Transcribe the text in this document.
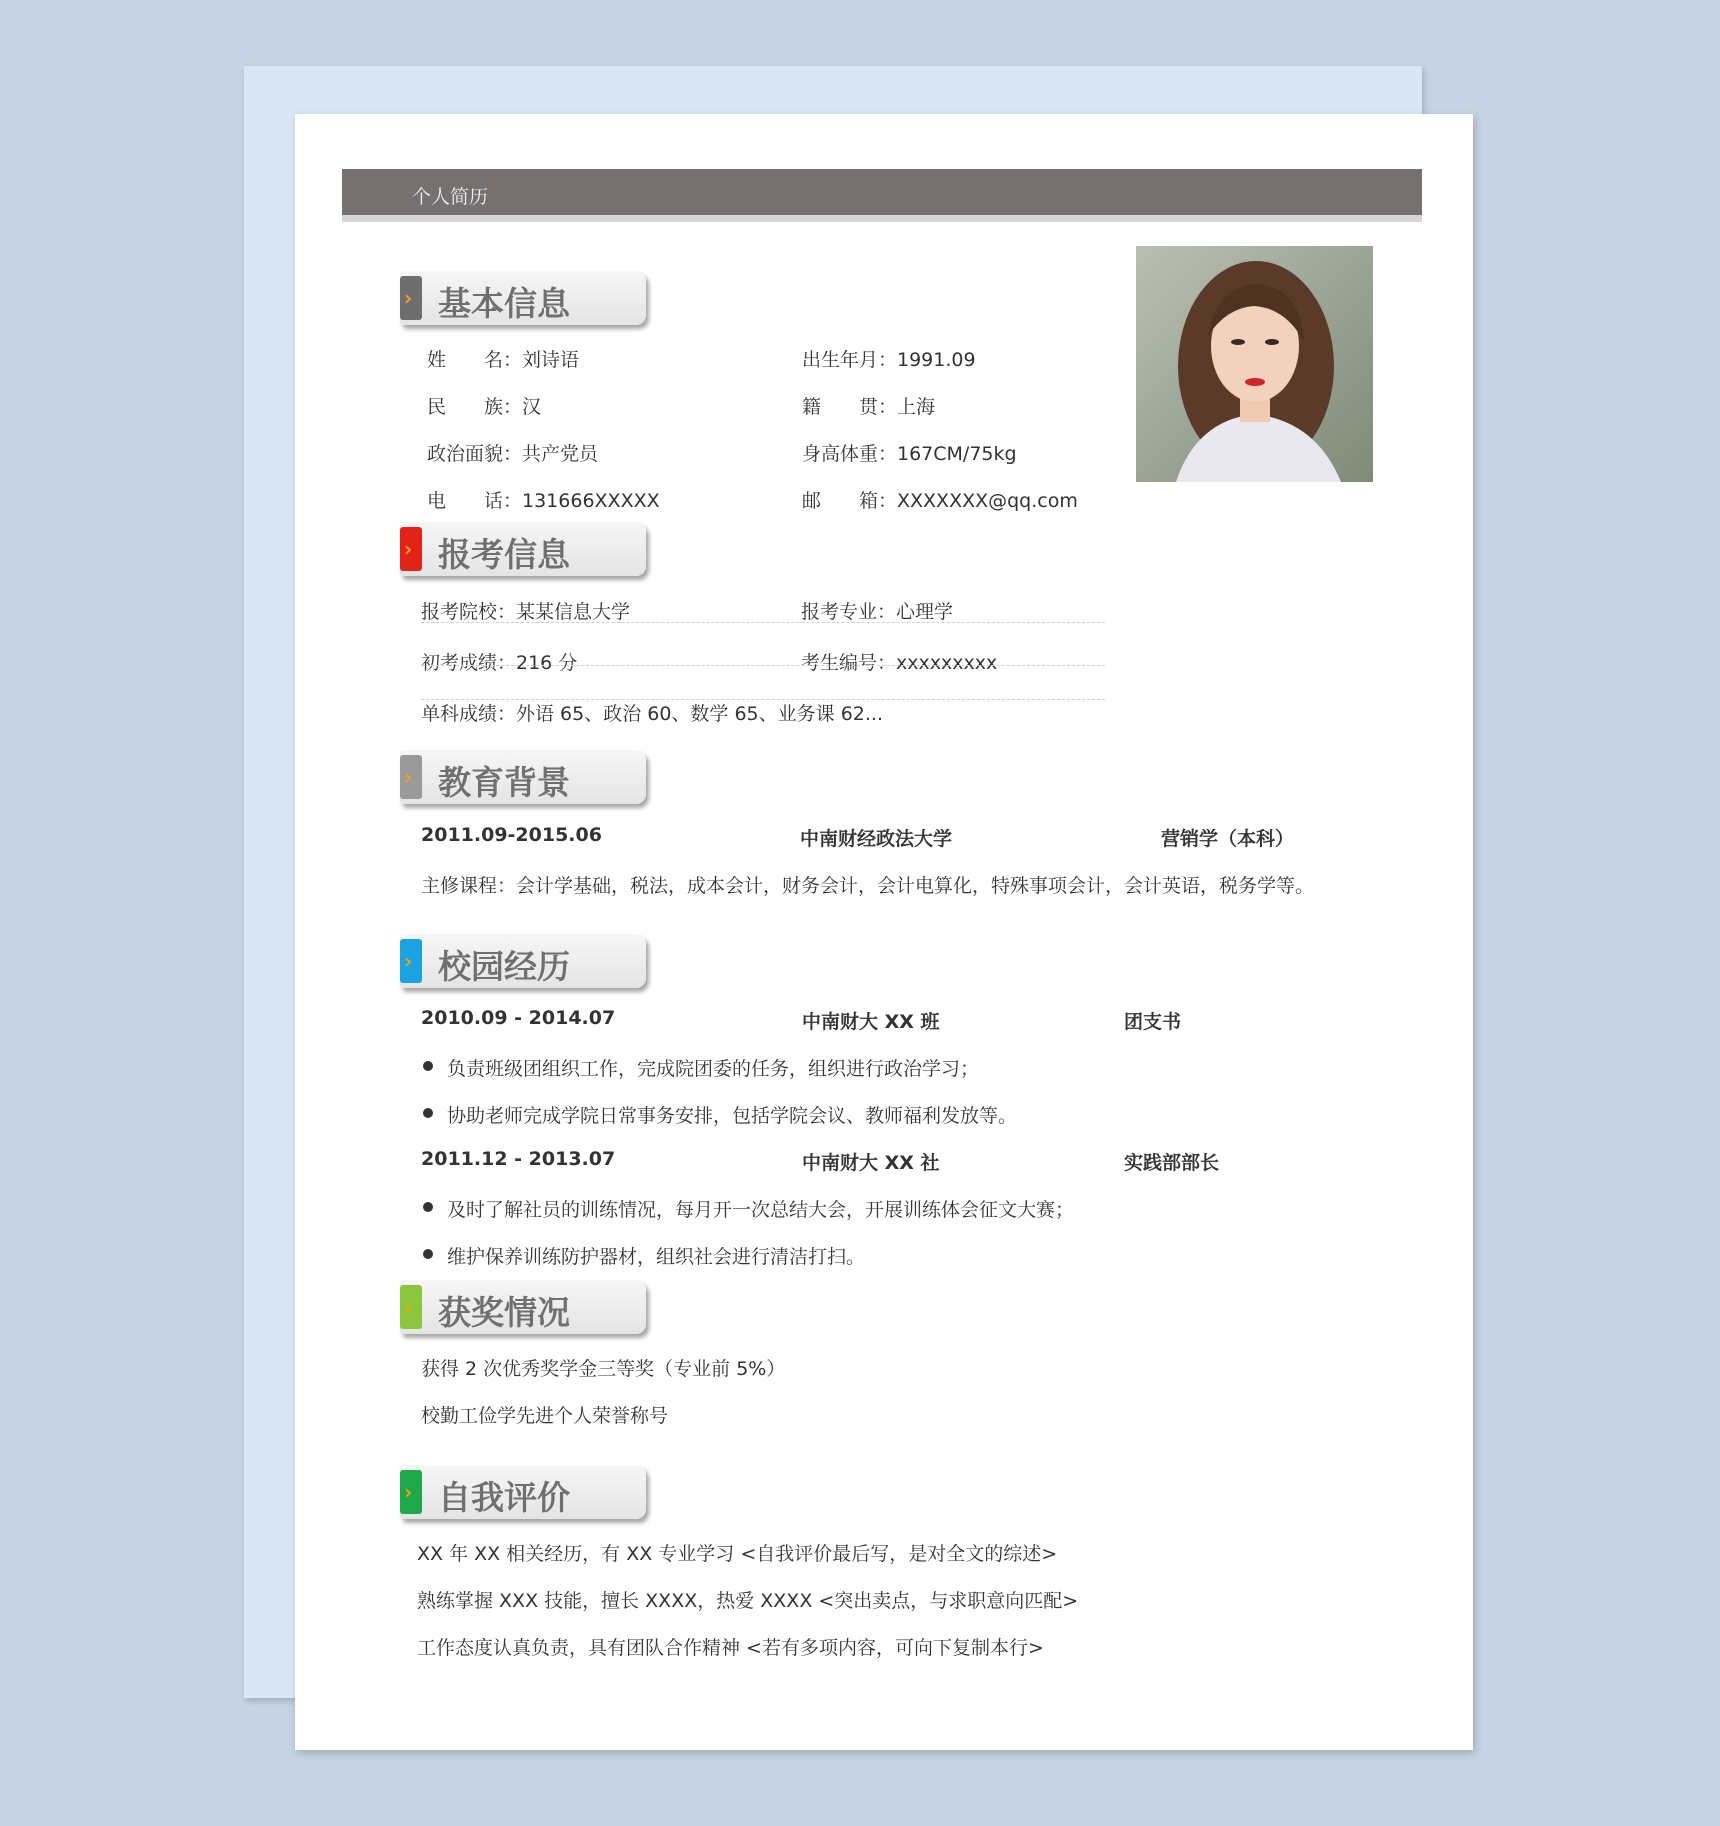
个人简历
› 基本信息
姓　　名：刘诗语	出生年月：1991.09
民　　族：汉	籍　　贯：上海
政治面貌：共产党员	身高体重：167CM/75kg
电　　话：131666XXXXX	邮　　箱：XXXXXXX@qq.com
› 报考信息
报考院校：某某信息大学	报考专业：心理学
初考成绩：216 分	考生编号：xxxxxxxxx
单科成绩：外语 65、政治 60、数学 65、业务课 62...
› 教育背景
2011.09-2015.06	中南财经政法大学	营销学（本科）
主修课程：会计学基础，税法，成本会计，财务会计，会计电算化，特殊事项会计，会计英语，税务学等。
› 校园经历
2010.09 - 2014.07	中南财大 XX 班	团支书
负责班级团组织工作，完成院团委的任务，组织进行政治学习；
协助老师完成学院日常事务安排，包括学院会议、教师福利发放等。
2011.12 - 2013.07	中南财大 XX 社	实践部部长
及时了解社员的训练情况，每月开一次总结大会，开展训练体会征文大赛；
维护保养训练防护器材，组织社会进行清洁打扫。
› 获奖情况
获得 2 次优秀奖学金三等奖（专业前 5%）
校勤工俭学先进个人荣誉称号
› 自我评价
XX 年 XX 相关经历，有 XX 专业学习 <自我评价最后写，是对全文的综述>
熟练掌握 XXX 技能，擅长 XXXX，热爱 XXXX <突出卖点，与求职意向匹配>
工作态度认真负责，具有团队合作精神 <若有多项内容，可向下复制本行>
